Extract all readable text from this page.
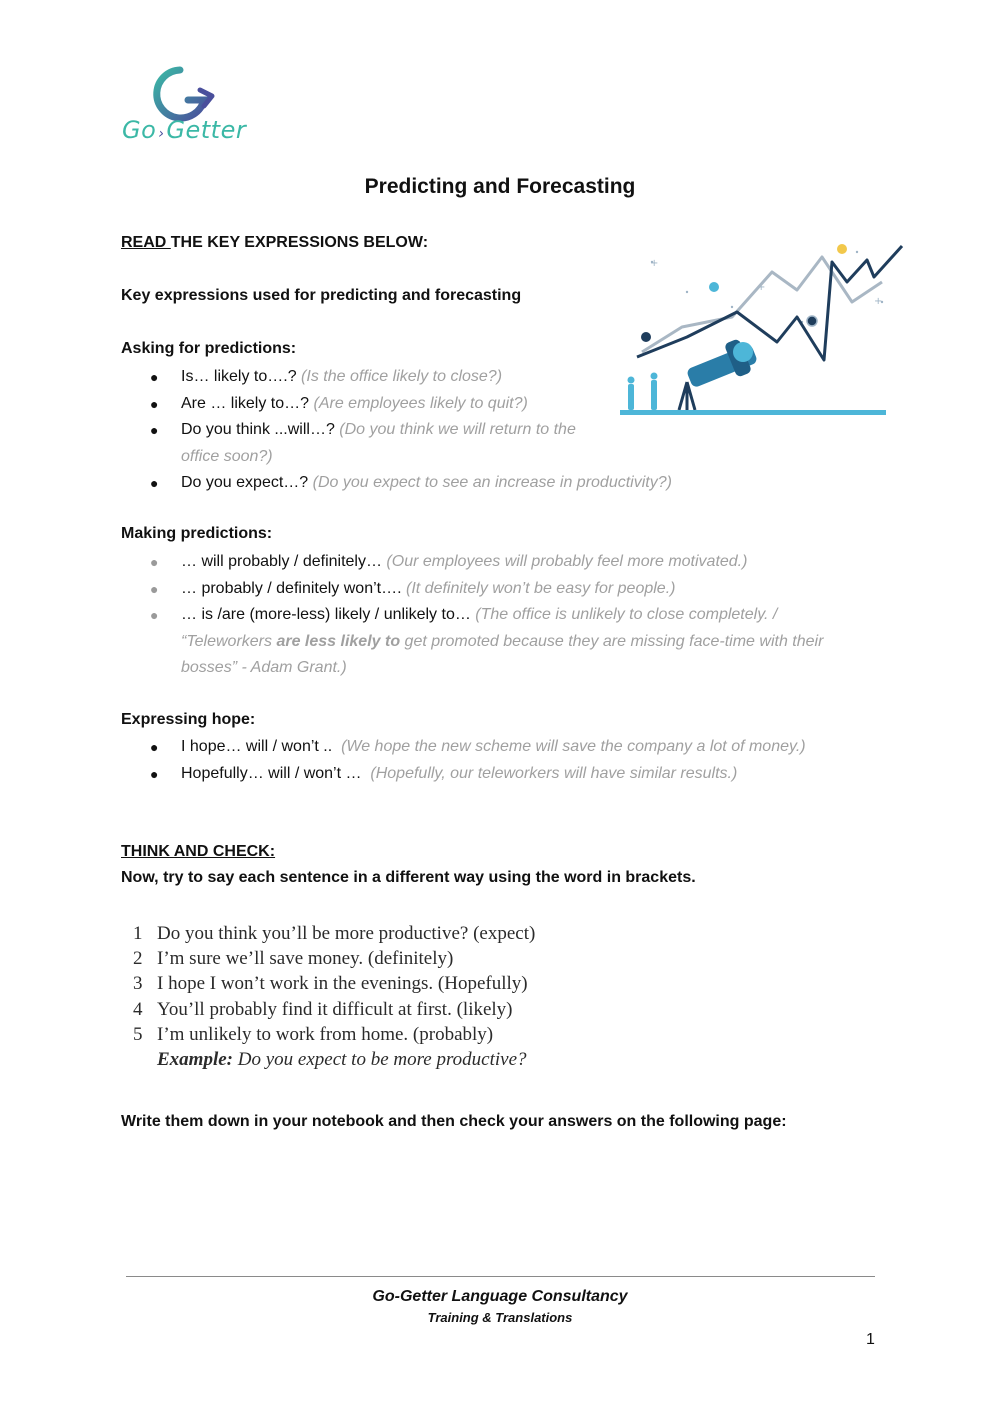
Go ›Getter
Predicting and Forecasting
READ THE KEY EXPRESSIONS BELOW:
Key expressions used for predicting and forecasting
Asking for predictions:
●	Is… likely to….? (Is the office likely to close?)
●	Are … likely to…? (Are employees likely to quit?)
●	Do you think ...will…? (Do you think we will return to the office soon?)
●	Do you expect…? (Do you expect to see an increase in productivity?)
+
+
+
Making predictions:
●	… will probably / definitely… (Our employees will probably feel more motivated.)
●	… probably / definitely won’t…. (It definitely won’t be easy for people.)
●	… is /are (more-less) likely / unlikely to… (The office is unlikely to close completely. / “Teleworkers are less likely to get promoted because they are missing face-time with their bosses” - Adam Grant.)
Expressing hope:
●	I hope… will / won’t .. (We hope the new scheme will save the company a lot of money.)
●	Hopefully… will / won’t … (Hopefully, our teleworkers will have similar results.)
THINK AND CHECK:
Now, try to say each sentence in a different way using the word in brackets.
1 Do you think you’ll be more productive? (expect)
2 I’m sure we’ll save money. (definitely)
3 I hope I won’t work in the evenings. (Hopefully)
4 You’ll probably find it difficult at first. (likely)
5 I’m unlikely to work from home. (probably)
Example: Do you expect to be more productive?
Write them down in your notebook and then check your answers on the following page:
Go-Getter Language Consultancy
Training & Translations
1
